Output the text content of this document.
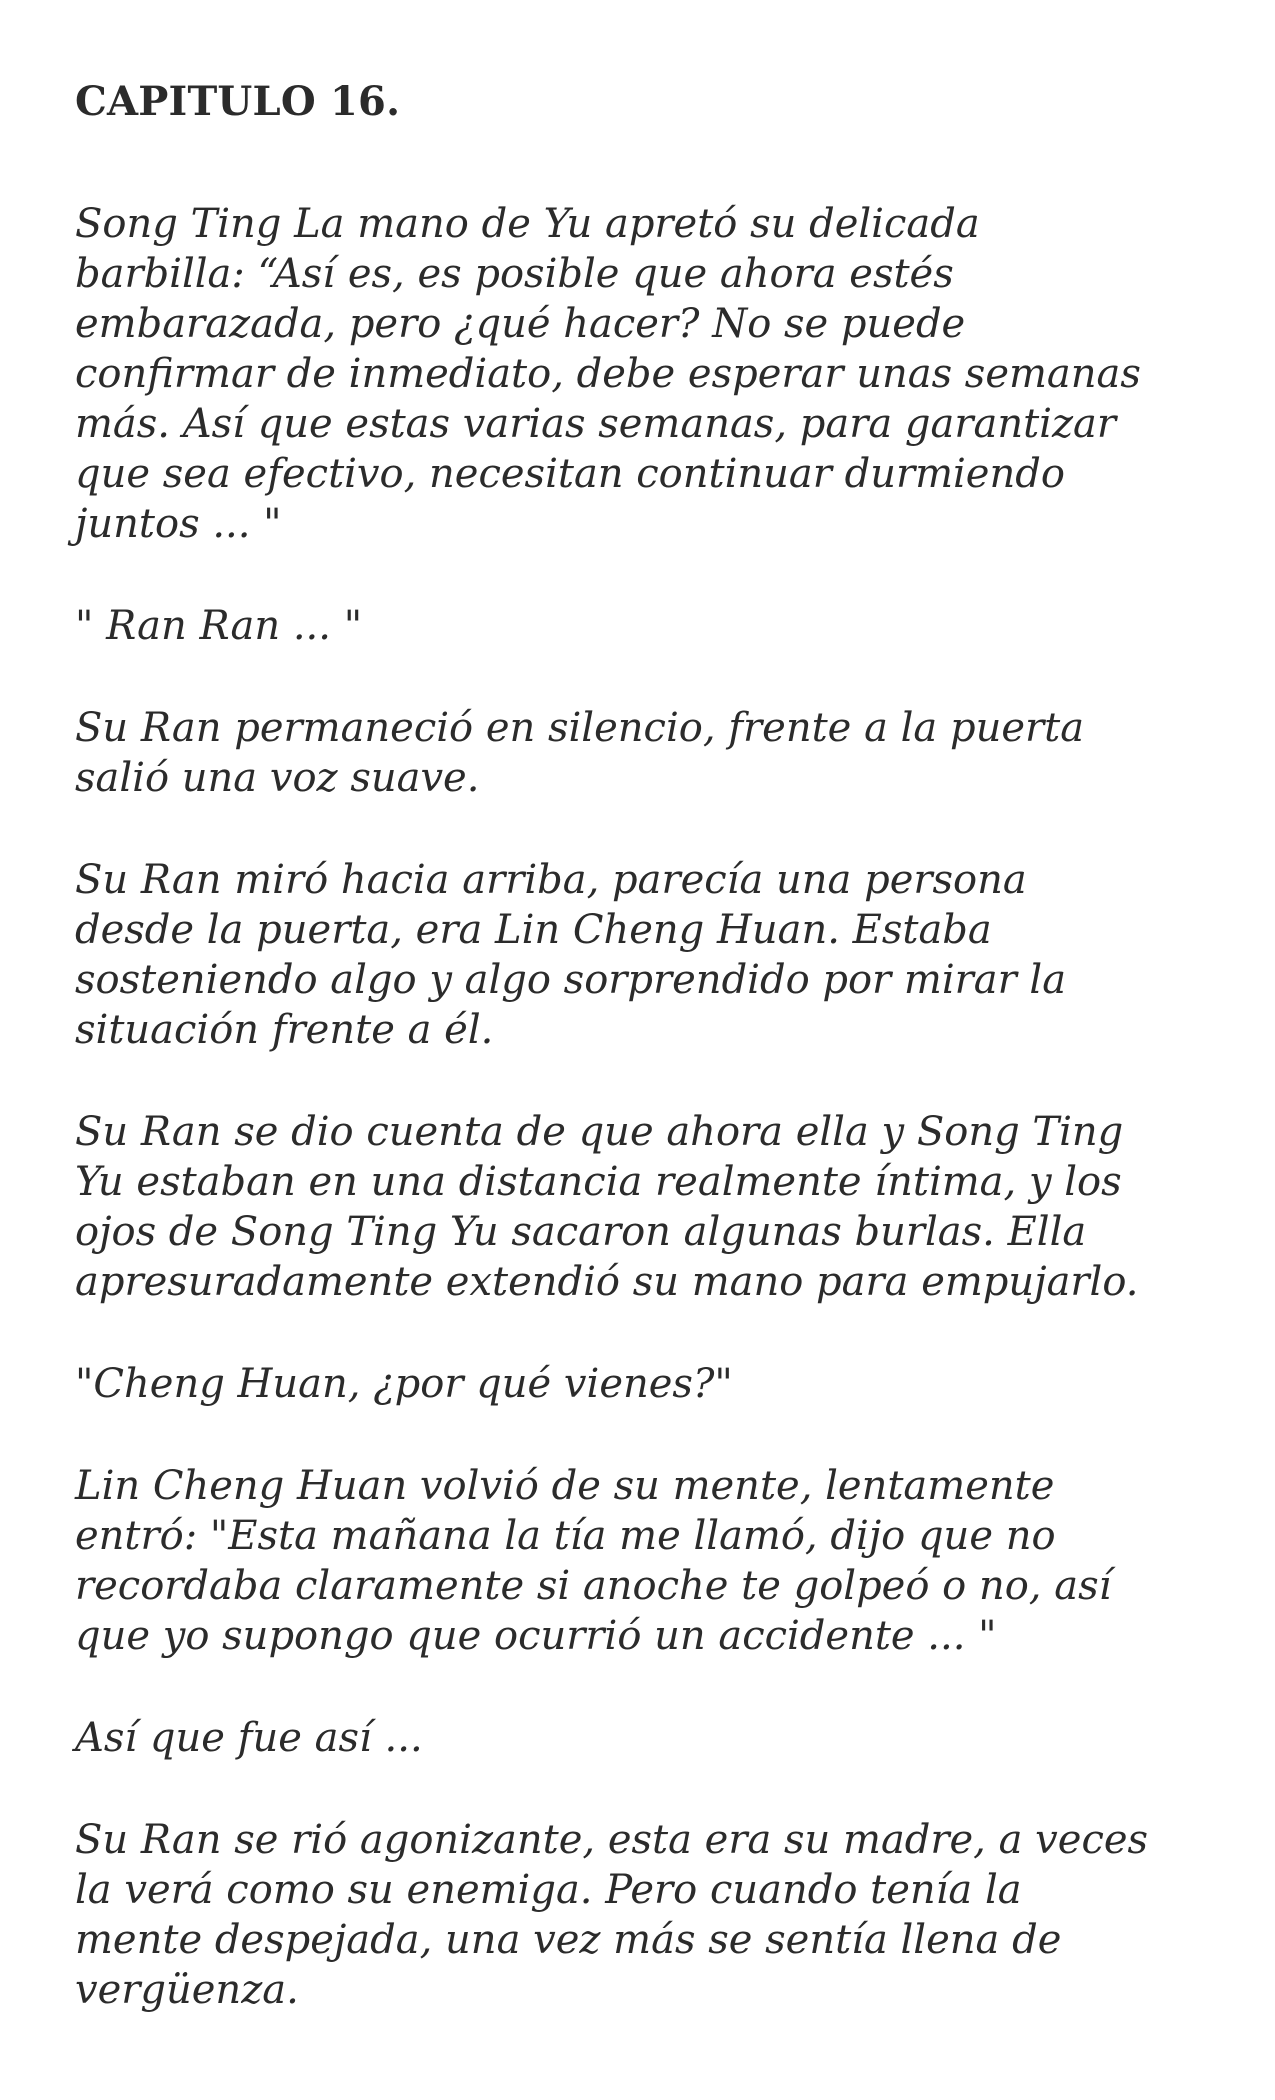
CAPITULO 16.

Song Ting La mano de Yu apretó su delicada
barbilla: “Así es, es posible que ahora estés
embarazada, pero ¿qué hacer? No se puede
confirmar de inmediato, debe esperar unas semanas
más. Así que estas varias semanas, para garantizar
que sea efectivo, necesitan continuar durmiendo
juntos ... "

" Ran Ran ... "

Su Ran permaneció en silencio, frente a la puerta
salió una voz suave.

Su Ran miró hacia arriba, parecía una persona
desde la puerta, era Lin Cheng Huan. Estaba
sosteniendo algo y algo sorprendido por mirar la
situación frente a él.

Su Ran se dio cuenta de que ahora ella y Song Ting
Yu estaban en una distancia realmente íntima, y los
ojos de Song Ting Yu sacaron algunas burlas. Ella
apresuradamente extendió su mano para empujarlo.

"Cheng Huan, ¿por qué vienes?"

Lin Cheng Huan volvió de su mente, lentamente
entró: "Esta mañana la tía me llamó, dijo que no
recordaba claramente si anoche te golpeó o no, así
que yo supongo que ocurrió un accidente ... "

Así que fue así ...

Su Ran se rió agonizante, esta era su madre, a veces
la verá como su enemiga. Pero cuando tenía la
mente despejada, una vez más se sentía llena de
vergüenza.
